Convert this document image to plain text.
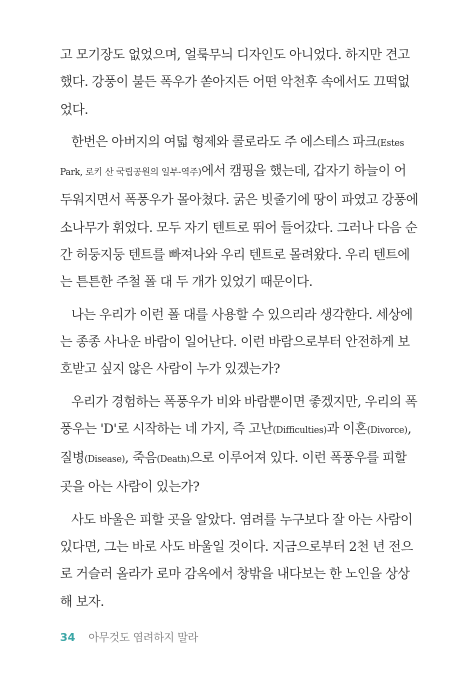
고 모기장도 없었으며, 얼룩무늬 디자인도 아니었다. 하지만 견고
했다. 강풍이 불든 폭우가 쏟아지든 어떤 악천후 속에서도 끄떡없
었다.

한번은 아버지의 여덟 형제와 콜로라도 주 에스테스 파크(Estes
Park, 로키 산 국립공원의 일부-역주)에서 캠핑을 했는데, 갑자기 하늘이 어
두워지면서 폭풍우가 몰아쳤다. 굵은 빗줄기에 땅이 파였고 강풍에
소나무가 휘었다. 모두 자기 텐트로 뛰어 들어갔다. 그러나 다음 순
간 허둥지둥 텐트를 빠져나와 우리 텐트로 몰려왔다. 우리 텐트에
는 튼튼한 주철 폴 대 두 개가 있었기 때문이다.

나는 우리가 이런 폴 대를 사용할 수 있으리라 생각한다. 세상에
는 종종 사나운 바람이 일어난다. 이런 바람으로부터 안전하게 보
호받고 싶지 않은 사람이 누가 있겠는가?

우리가 경험하는 폭풍우가 비와 바람뿐이면 좋겠지만, 우리의 폭
풍우는 'D'로 시작하는 네 가지, 즉 고난(Difficulties)과 이혼(Divorce),
질병(Disease), 죽음(Death)으로 이루어져 있다. 이런 폭풍우를 피할
곳을 아는 사람이 있는가?

사도 바울은 피할 곳을 알았다. 염려를 누구보다 잘 아는 사람이
있다면, 그는 바로 사도 바울일 것이다. 지금으로부터 2천 년 전으
로 거슬러 올라가 로마 감옥에서 창밖을 내다보는 한 노인을 상상
해 보자.

34 아무것도 염려하지 말라
